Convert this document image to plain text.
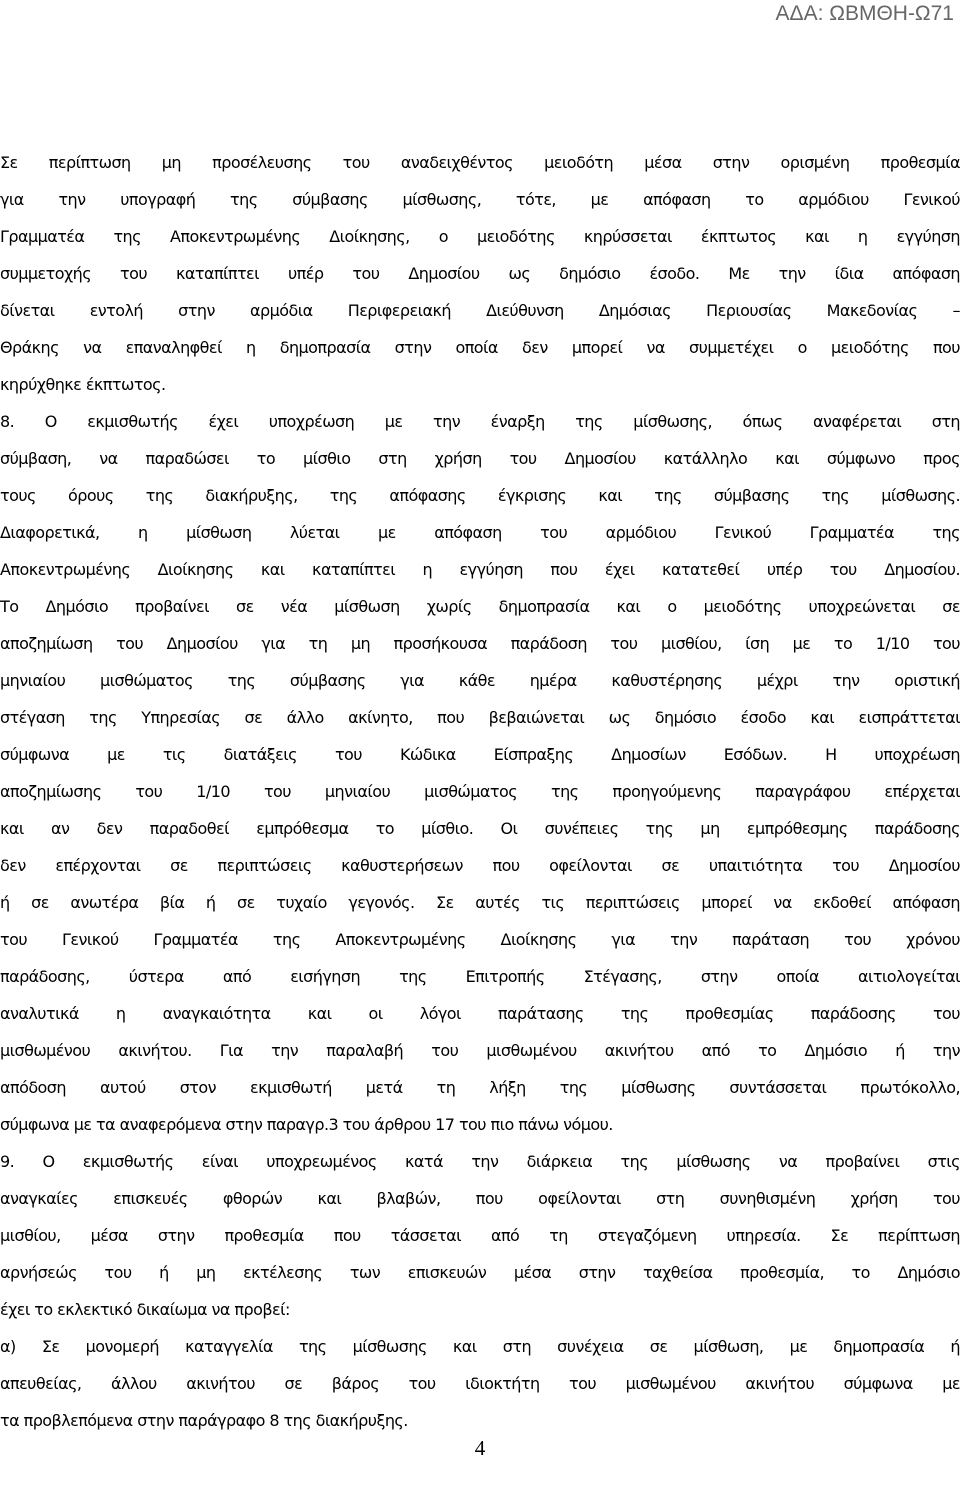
ΑΔΑ: ΩΒΜΘΗ-Ω71
Σε περίπτωση μη προσέλευσης του αναδειχθέντος μειοδότη μέσα στην ορισμένη προθεσμία
για την υπογραφή της σύμβασης μίσθωσης, τότε, με απόφαση το αρμόδιου Γενικού
Γραμματέα της Αποκεντρωμένης Διοίκησης, ο μειοδότης κηρύσσεται έκπτωτος και η εγγύηση
συμμετοχής του καταπίπτει υπέρ του Δημοσίου ως δημόσιο έσοδο. Με την ίδια απόφαση
δίνεται εντολή στην αρμόδια Περιφερειακή Διεύθυνση Δημόσιας Περιουσίας Μακεδονίας –
Θράκης να επαναληφθεί η δημοπρασία στην οποία δεν μπορεί να συμμετέχει ο μειοδότης που
κηρύχθηκε έκπτωτος.
8. Ο εκμισθωτής έχει υποχρέωση με την έναρξη της μίσθωσης, όπως αναφέρεται στη
σύμβαση, να παραδώσει το μίσθιο στη χρήση του Δημοσίου κατάλληλο και σύμφωνο προς
τους όρους της διακήρυξης, της απόφασης έγκρισης και της σύμβασης της μίσθωσης.
Διαφορετικά, η μίσθωση λύεται με απόφαση του αρμόδιου Γενικού Γραμματέα της
Αποκεντρωμένης Διοίκησης και καταπίπτει η εγγύηση που έχει κατατεθεί υπέρ του Δημοσίου.
Το Δημόσιο προβαίνει σε νέα μίσθωση χωρίς δημοπρασία και ο μειοδότης υποχρεώνεται σε
αποζημίωση του Δημοσίου για τη μη προσήκουσα παράδοση του μισθίου, ίση με το 1/10 του
μηνιαίου μισθώματος της σύμβασης για κάθε ημέρα καθυστέρησης μέχρι την οριστική
στέγαση της Υπηρεσίας σε άλλο ακίνητο, που βεβαιώνεται ως δημόσιο έσοδο και εισπράττεται
σύμφωνα με τις διατάξεις του Κώδικα Είσπραξης Δημοσίων Εσόδων. Η υποχρέωση
αποζημίωσης του 1/10 του μηνιαίου μισθώματος της προηγούμενης παραγράφου επέρχεται
και αν δεν παραδοθεί εμπρόθεσμα το μίσθιο. Οι συνέπειες της μη εμπρόθεσμης παράδοσης
δεν επέρχονται σε περιπτώσεις καθυστερήσεων που οφείλονται σε υπαιτιότητα του Δημοσίου
ή σε ανωτέρα βία ή σε τυχαίο γεγονός. Σε αυτές τις περιπτώσεις μπορεί να εκδοθεί απόφαση
του Γενικού Γραμματέα της Αποκεντρωμένης Διοίκησης για την παράταση του χρόνου
παράδοσης, ύστερα από εισήγηση της Επιτροπής Στέγασης, στην οποία αιτιολογείται
αναλυτικά η αναγκαιότητα και οι λόγοι παράτασης της προθεσμίας παράδοσης του
μισθωμένου ακινήτου. Για την παραλαβή του μισθωμένου ακινήτου από το Δημόσιο ή την
απόδοση αυτού στον εκμισθωτή μετά τη λήξη της μίσθωσης συντάσσεται πρωτόκολλο,
σύμφωνα με τα αναφερόμενα στην παραγρ.3 του άρθρου 17 του πιο πάνω νόμου.
9. Ο εκμισθωτής είναι υποχρεωμένος κατά την διάρκεια της μίσθωσης να προβαίνει στις
αναγκαίες επισκευές φθορών και βλαβών, που οφείλονται στη συνηθισμένη χρήση του
μισθίου, μέσα στην προθεσμία που τάσσεται από τη στεγαζόμενη υπηρεσία. Σε περίπτωση
αρνήσεώς του ή μη εκτέλεσης των επισκευών μέσα στην ταχθείσα προθεσμία, το Δημόσιο
έχει το εκλεκτικό δικαίωμα να προβεί:
α) Σε μονομερή καταγγελία της μίσθωσης και στη συνέχεια σε μίσθωση, με δημοπρασία ή
απευθείας, άλλου ακινήτου σε βάρος του ιδιοκτήτη του μισθωμένου ακινήτου σύμφωνα με
τα προβλεπόμενα στην παράγραφο 8 της διακήρυξης.
4
